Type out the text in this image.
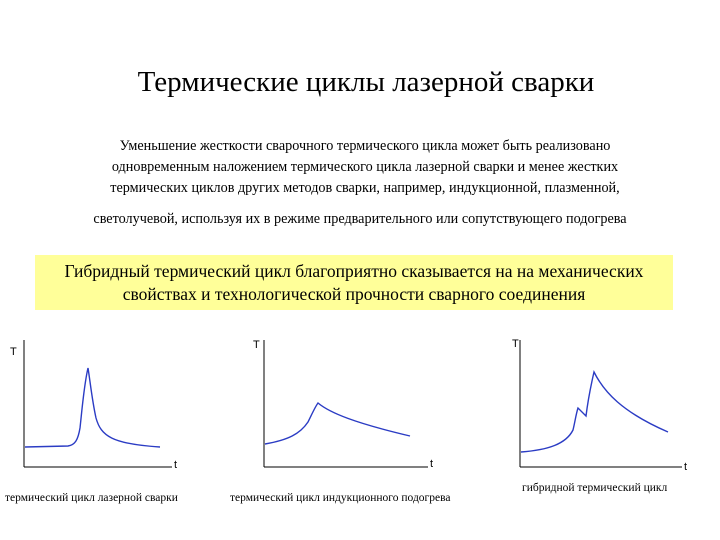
Термические циклы лазерной сварки
Уменьшение жесткости сварочного термического цикла может быть реализовано
одновременным наложением термического цикла лазерной сварки и менее жестких
термических циклов других методов сварки, например, индукционной, плазменной,
светолучевой, используя их в режиме предварительного или сопутствующего подогрева
Гибридный термический цикл благоприятно сказывается на на механических
свойствах и технологической прочности сварного соединения
T
t
T
t
T
t
термический цикл лазерной сварки	термический цикл индукционного подогрева
гибридной термический цикл
